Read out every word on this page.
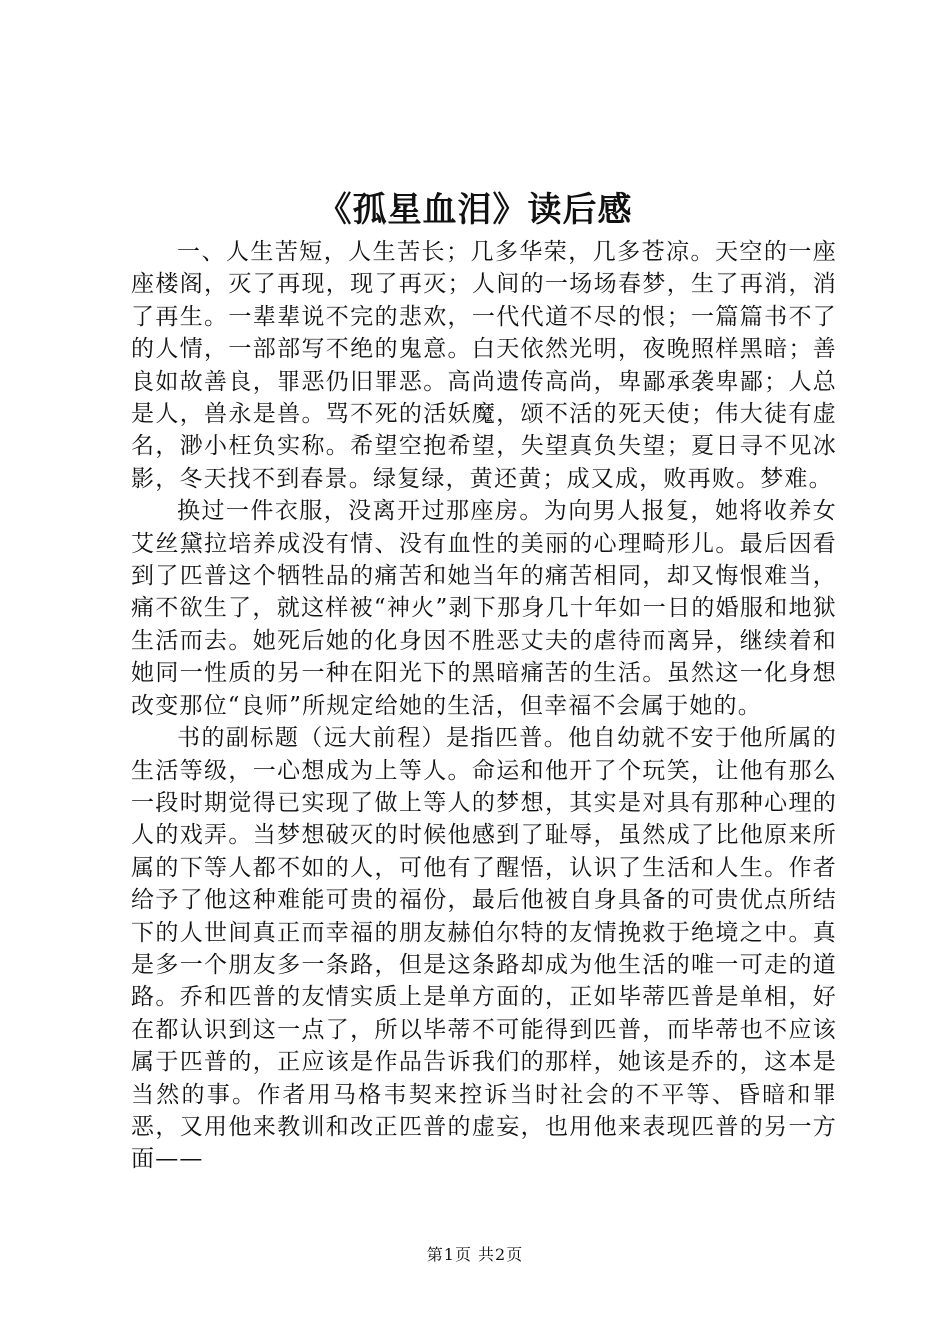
《孤星血泪》读后感

一、人生苦短，人生苦长；几多华荣，几多苍凉。天空的一座座楼阁，灭了再现，现了再灭；人间的一场场春梦，生了再消，消了再生。一辈辈说不完的悲欢，一代代道不尽的恨；一篇篇书不了的人情，一部部写不绝的鬼意。白天依然光明，夜晚照样黑暗；善良如故善良，罪恶仍旧罪恶。高尚遗传高尚，卑鄙承袭卑鄙；人总是人，兽永是兽。骂不死的活妖魔，颂不活的死天使；伟大徒有虚名，渺小枉负实称。希望空抱希望，失望真负失望；夏日寻不见冰影，冬天找不到春景。绿复绿，黄还黄；成又成，败再败。梦难。

换过一件衣服，没离开过那座房。为向男人报复，她将收养女艾丝黛拉培养成没有情、没有血性的美丽的心理畸形儿。最后因看到了匹普这个牺牲品的痛苦和她当年的痛苦相同，却又悔恨难当，痛不欲生了，就这样被“神火”剥下那身几十年如一日的婚服和地狱生活而去。她死后她的化身因不胜恶丈夫的虐待而离异，继续着和她同一性质的另一种在阳光下的黑暗痛苦的生活。虽然这一化身想改变那位“良师”所规定给她的生活，但幸福不会属于她的。

书的副标题（远大前程）是指匹普。他自幼就不安于他所属的生活等级，一心想成为上等人。命运和他开了个玩笑，让他有那么一段时期觉得已实现了做上等人的梦想，其实是对具有那种心理的人的戏弄。当梦想破灭的时候他感到了耻辱，虽然成了比他原来所属的下等人都不如的人，可他有了醒悟，认识了生活和人生。作者给予了他这种难能可贵的福份，最后他被自身具备的可贵优点所结下的人世间真正而幸福的朋友赫伯尔特的友情挽救于绝境之中。真是多一个朋友多一条路，但是这条路却成为他生活的唯一可走的道路。乔和匹普的友情实质上是单方面的，正如毕蒂匹普是单相，好在都认识到这一点了，所以毕蒂不可能得到匹普，而毕蒂也不应该属于匹普的，正应该是作品告诉我们的那样，她该是乔的，这本是当然的事。作者用马格韦契来控诉当时社会的不平等、昏暗和罪恶，又用他来教训和改正匹普的虚妄，也用他来表现匹普的另一方面——

第1页 共2页
